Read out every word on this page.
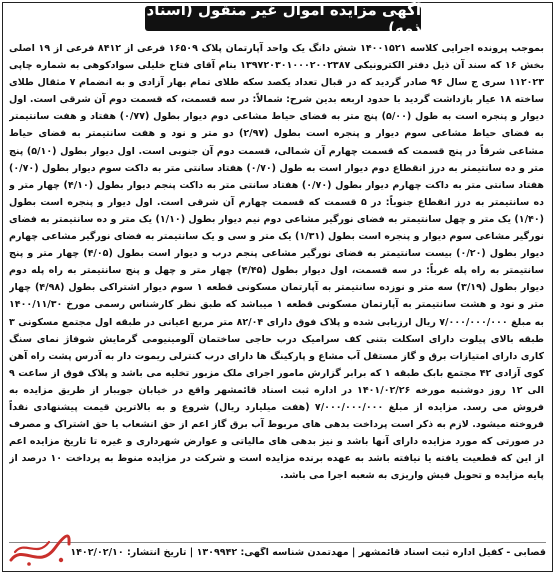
آگهی مزایده اموال غیر منقول (اسناد ذمه)
بموجب پرونده اجرایی کلاسه ۱۴۰۰۱۵۲۱ شش دانگ یک واحد آپارتمان پلاک ۱۶۵۰۹ فرعی از ۸۴۱۲ فرعی از ۱۹ اصلی بخش ۱۶ که سند آن ذیل دفتر الکترونیکی ۱۳۹۷۲۰۳۰۱۰۰۰۲۰۰۲۳۸۷ بنام آقای فتاح خلیلی سوادکوهی به شماره چاپی ۱۱۲۰۲۳ سری ج سال ۹۶ صادر گردید که در قبال تعداد یکصد سکه طلای تمام بهار آزادی و به انضمام ۷ مثقال طلای ساخته ۱۸ عیار بازداشت گردید با حدود اربعه بدین شرح: شمالاً: در سه قسمت، که قسمت دوم آن شرقی است. اول دیوار و پنجره است به طول (۵/۰۰) پنج متر به فضای حیاط مشاعی دوم دیوار بطول (۰/۷۷) هفتاد و هفت سانتیمتر به فضای حیاط مشاعی سوم دیوار و پنجره است بطول (۲/۹۷) دو متر و نود و هفت سانتیمتر به فضای حیاط مشاعی شرقاً در پنج قسمت که قسمت چهارم آن شمالی، قسمت دوم آن جنوبی است. اول دیوار بطول (۵/۱۰) پنج متر و ده سانتیمتر به درز انقطاع دوم دیوار است به طول (۰/۷۰) هفتاد سانتی متر به داکت سوم دیوار بطول (۰/۷۰) هفتاد سانتی متر به داکت چهارم دیوار بطول (۰/۷۰) هفتاد سانتی متر به داکت پنجم دیوار بطول (۴/۱۰) چهار متر و ده سانتیمتر به درز انقطاع جنوباً: در ۵ قسمت که قسمت چهارم آن شرقی است. اول دیوار و پنجره است بطول (۱/۴۰) یک متر و چهل سانتیمتر به فضای نورگیر مشاعی دوم نیم دیوار بطول (۱/۱۰) یک متر و ده سانتیمتر به فضای نورگیر مشاعی سوم دیوار و پنجره است بطول (۱/۳۱) یک متر و سی و یک سانتیمتر به فضای نورگیر مشاعی چهارم دیوار بطول (۰/۲۰) بیست سانتیمتر به فضای نورگیر مشاعی پنجم درب و دیوار است بطول (۴/۰۵) چهار متر و پنج سانتیمتر به راه پله غرباً: در سه قسمت، اول دیوار بطول (۴/۴۵) چهار متر و چهل و پنج سانتیمتر به راه پله دوم دیوار بطول (۳/۱۹) سه متر و نوزده سانتیمتر به آپارتمان مسکونی قطعه ۱ سوم دیوار اشتراکی بطول (۴/۹۸) چهار متر و نود و هشت سانتیمتر به آپارتمان مسکونی قطعه ۱ میباشد که طبق نظر کارشناس رسمی مورخ ۱۴۰۰/۱۱/۳۰ به مبلغ ۷/۰۰۰/۰۰۰/۰۰۰ ریال ارزیابی شده و پلاک فوق دارای ۸۲/۰۴ متر مربع اعیانی در طبقه اول مجتمع مسکونی ۳ طبقه بالای پیلوت دارای اسکلت بتنی کف سرامیک درب حاجی ساختمان آلومینیومی گرمایش شوفاژ نمای سنگ کاری دارای امتیازات برق و گاز مستقل آب مشاع و پارکینگ ها دارای درب کنترلی ریموت دار به آدرس پشت راه آهن کوی آزادی ۴۲ مجتمع بابک طبقه ۱ که برابر گزارش مامور اجرای ملک مزبور تخلیه می باشد و پلاک فوق از ساعت ۹ الی ۱۲ روز دوشنبه مورخه ۱۴۰۱/۰۲/۲۶ در اداره ثبت اسناد قائمشهر واقع در خیابان جویبار از طریق مزایده به فروش می رسد. مزایده از مبلغ ۷/۰۰۰/۰۰۰/۰۰۰ (هفت میلیارد ریال) شروع و به بالاترین قیمت پیشنهادی نقداً فروخته میشود. لازم به ذکر است پرداخت بدهی های مربوط آب برق گاز اعم از حق انشعاب یا حق اشتراک و مصرف در صورتی که مورد مزایده دارای آنها باشد و نیز بدهی های مالیاتی و عوارض شهرداری و غیره تا تاریخ مزایده اعم از این که قطعیت یافته یا نیافته باشد به عهده برنده مزایده است و شرکت در مزایده منوط به پرداخت ۱۰ درصد از پایه مزایده و تحویل فیش واریزی به شعبه اجرا می باشد.
قصابی - کفیل اداره ثبت اسناد قائمشهر | مهدتمدن شناسه آگهی: ۱۳۰۹۹۴۲ | تاریخ انتشار: ۱۴۰۲/۰۲/۱۰
